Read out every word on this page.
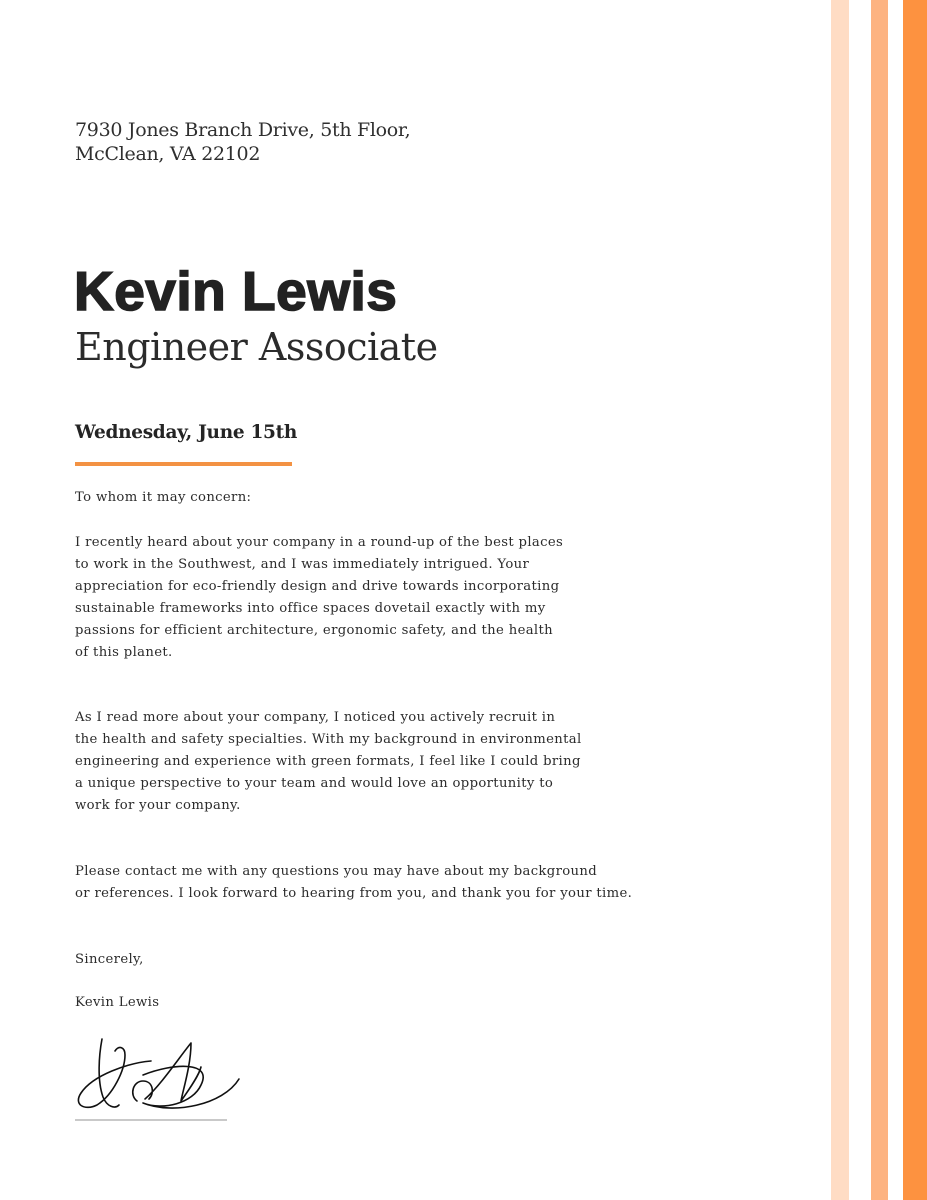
7930 Jones Branch Drive, 5th Floor,
McClean, VA 22102
Kevin Lewis
Engineer Associate
Wednesday, June 15th
To whom it may concern:
I recently heard about your company in a round-up of the best places
to work in the Southwest, and I was immediately intrigued. Your
appreciation for eco-friendly design and drive towards incorporating
sustainable frameworks into office spaces dovetail exactly with my
passions for efficient architecture, ergonomic safety, and the health
of this planet.
As I read more about your company, I noticed you actively recruit in
the health and safety specialties. With my background in environmental
engineering and experience with green formats, I feel like I could bring
a unique perspective to your team and would love an opportunity to
work for your company.
Please contact me with any questions you may have about my background
or references. I look forward to hearing from you, and thank you for your time.
Sincerely,
Kevin Lewis
